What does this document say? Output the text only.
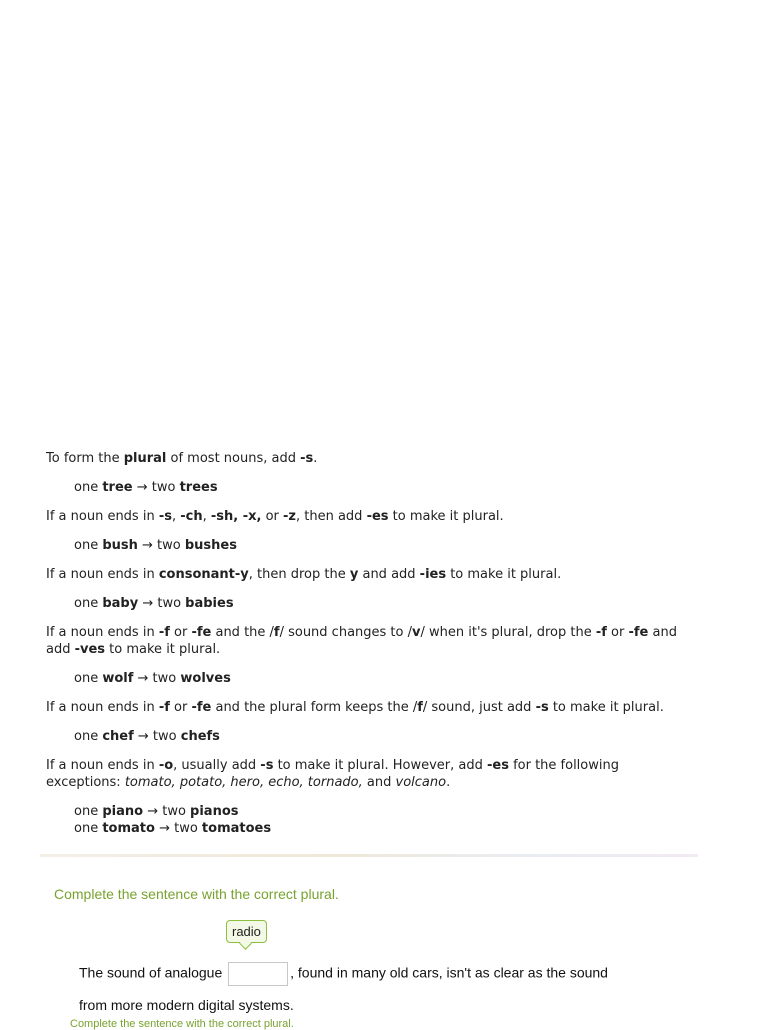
To form the plural of most nouns, add -s.

one tree → two trees

If a noun ends in -s, -ch, -sh, -x, or -z, then add -es to make it plural.

one bush → two bushes

If a noun ends in consonant-y, then drop the y and add -ies to make it plural.

one baby → two babies

If a noun ends in -f or -fe and the /f/ sound changes to /v/ when it's plural, drop the -f or -fe and add -ves to make it plural.

one wolf → two wolves

If a noun ends in -f or -fe and the plural form keeps the /f/ sound, just add -s to make it plural.

one chef → two chefs

If a noun ends in -o, usually add -s to make it plural. However, add -es for the following exceptions: tomato, potato, hero, echo, tornado, and volcano.

one piano → two pianos

one tomato → two tomatoes

Complete the sentence with the correct plural.
radio
The sound of analogue	, found in many old cars, isn't as clear as the sound
from more modern digital systems.
Complete the sentence with the correct plural.
